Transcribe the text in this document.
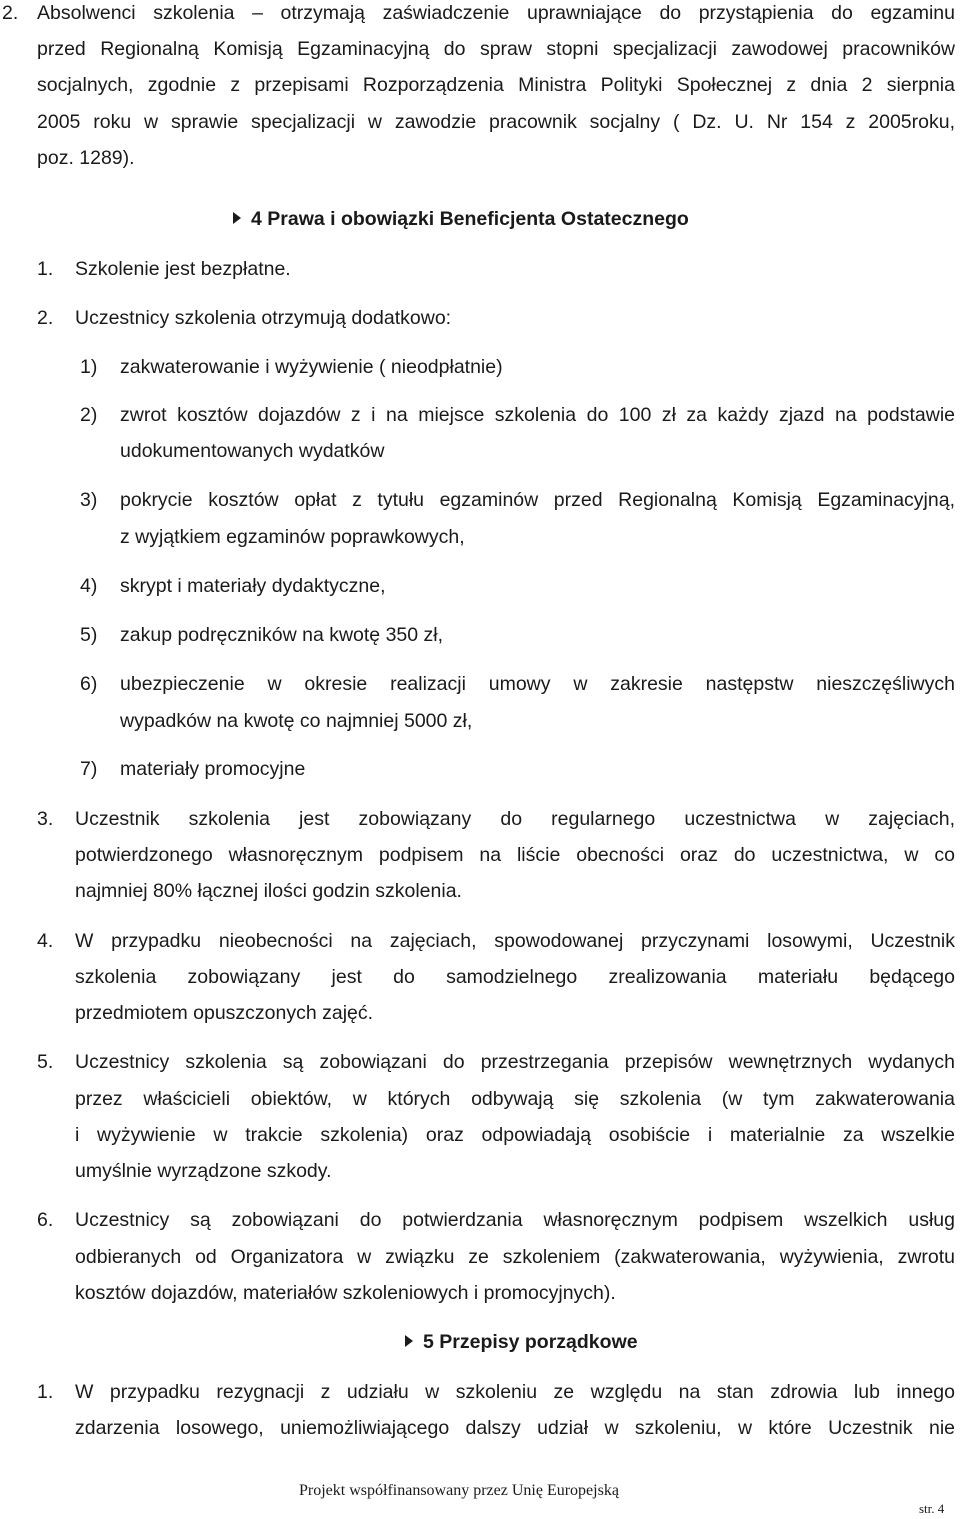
2. Absolwenci szkolenia – otrzymają zaświadczenie uprawniające do przystąpienia do egzaminu
przed Regionalną Komisją Egzaminacyjną do spraw stopni specjalizacji zawodowej pracowników
socjalnych, zgodnie z przepisami Rozporządzenia Ministra Polityki Społecznej z dnia 2 sierpnia
2005 roku w sprawie specjalizacji w zawodzie pracownik socjalny ( Dz. U. Nr 154 z 2005roku,
poz. 1289).
4 Prawa i obowiązki Beneficjenta Ostatecznego
1. Szkolenie jest bezpłatne.
2. Uczestnicy szkolenia otrzymują dodatkowo:
1) zakwaterowanie i wyżywienie ( nieodpłatnie)
2) zwrot kosztów dojazdów z i na miejsce szkolenia do 100 zł za każdy zjazd na podstawie
udokumentowanych wydatków
3) pokrycie kosztów opłat z tytułu egzaminów przed Regionalną Komisją Egzaminacyjną,
z wyjątkiem egzaminów poprawkowych,
4) skrypt i materiały dydaktyczne,
5) zakup podręczników na kwotę 350 zł,
6) ubezpieczenie w okresie realizacji umowy w zakresie następstw nieszczęśliwych
wypadków na kwotę co najmniej 5000 zł,
7) materiały promocyjne
3. Uczestnik szkolenia jest zobowiązany do regularnego uczestnictwa w zajęciach,
potwierdzonego własnoręcznym podpisem na liście obecności oraz do uczestnictwa, w co
najmniej 80% łącznej ilości godzin szkolenia.
4. W przypadku nieobecności na zajęciach, spowodowanej przyczynami losowymi, Uczestnik
szkolenia zobowiązany jest do samodzielnego zrealizowania materiału będącego
przedmiotem opuszczonych zajęć.
5. Uczestnicy szkolenia są zobowiązani do przestrzegania przepisów wewnętrznych wydanych
przez właścicieli obiektów, w których odbywają się szkolenia (w tym zakwaterowania
i wyżywienie w trakcie szkolenia) oraz odpowiadają osobiście i materialnie za wszelkie
umyślnie wyrządzone szkody.
6. Uczestnicy są zobowiązani do potwierdzania własnoręcznym podpisem wszelkich usług
odbieranych od Organizatora w związku ze szkoleniem (zakwaterowania, wyżywienia, zwrotu
kosztów dojazdów, materiałów szkoleniowych i promocyjnych).
5 Przepisy porządkowe
1. W przypadku rezygnacji z udziału w szkoleniu ze względu na stan zdrowia lub innego
zdarzenia losowego, uniemożliwiającego dalszy udział w szkoleniu, w które Uczestnik nie
Projekt współfinansowany przez Unię Europejską
str. 4
